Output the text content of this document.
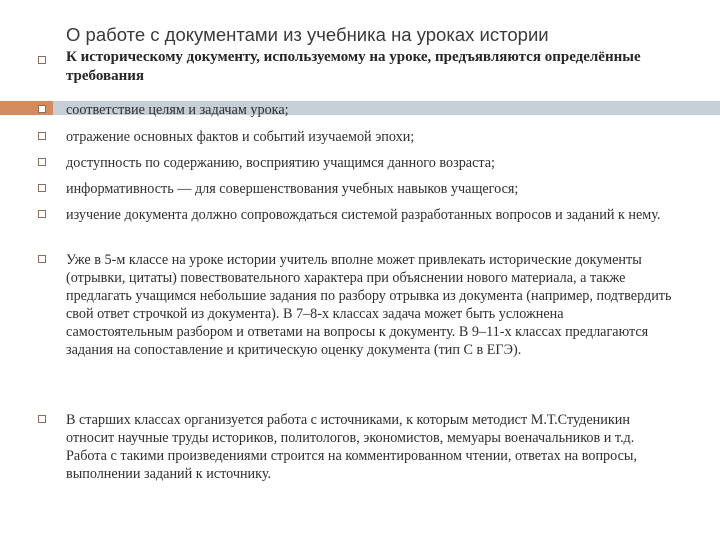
О работе с документами из учебника на уроках истории
К историческому документу, используемому на уроке, предъявляются определённые требования
соответствие целям и задачам урока;
отражение основных фактов и событий изучаемой эпохи;
доступность по содержанию, восприятию учащимся данного возраста;
информативность — для совершенствования учебных навыков учащегося;
изучение документа должно сопровождаться системой разработанных вопросов и заданий к нему.
Уже в 5-м классе на уроке истории учитель вполне может привлекать исторические документы (отрывки, цитаты) повествовательного характера при объяснении нового материала, а также предлагать учащимся небольшие задания по разбору отрывка из документа (например, подтвердить свой ответ строчкой из документа). В 7–8-х классах задача может быть усложнена самостоятельным разбором и ответами на вопросы к документу. В 9–11-х классах предлагаются задания на сопоставление и критическую оценку документа (тип С в ЕГЭ).
В старших классах организуется работа с источниками, к которым методист М.Т.Студеникин относит научные труды историков, политологов, экономистов, мемуары военачальников и т.д. Работа с такими произведениями строится на комментированном чтении, ответах на вопросы, выполнении заданий к источнику.
